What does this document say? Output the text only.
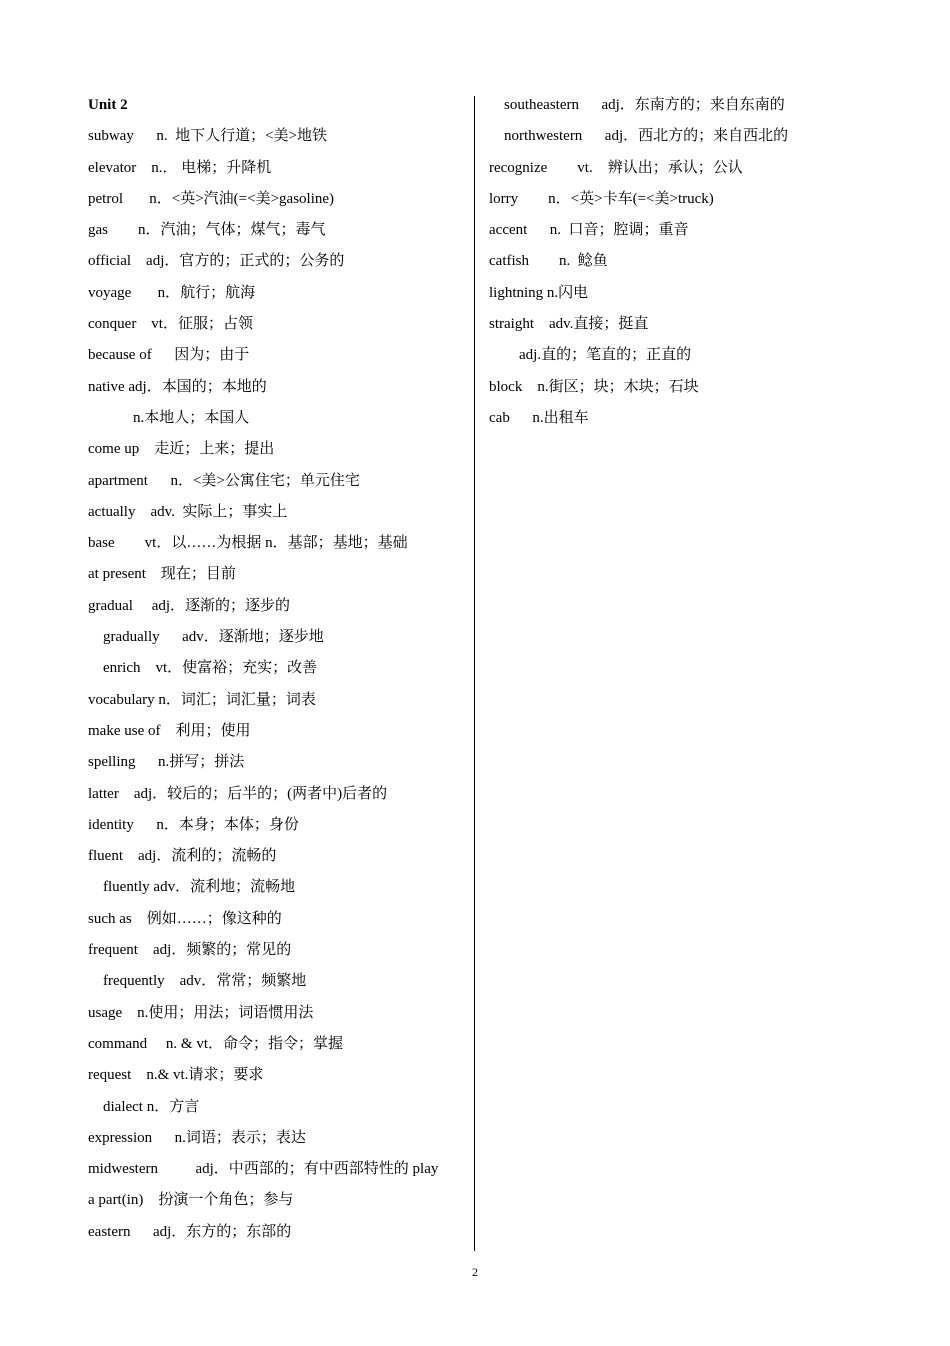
Unit 2
subway      n.  地下人行道；<美>地铁
elevator    n.． 电梯；升降机
petrol       n．<英>汽油(=<美>gasoline)
gas        n．汽油；气体；煤气；毒气
official    adj．官方的；正式的；公务的
voyage       n．航行；航海
conquer    vt．征服；占领
because of      因为；由于
native adj．本国的；本地的
n.本地人；本国人
come up    走近；上来；提出
apartment      n．<美>公寓住宅；单元住宅
actually    adv.  实际上；事实上
base        vt．以……为根据 n．基部；基地；基础
at present    现在；目前
gradual     adj．逐渐的；逐步的
gradually      adv．逐渐地；逐步地
enrich    vt．使富裕；充实；改善
vocabulary n．词汇；词汇量；词表
make use of    利用；使用
spelling      n.拼写；拼法
latter    adj．较后的；后半的；(两者中)后者的
identity      n．本身；本体；身份
fluent    adj．流利的；流畅的
fluently adv．流利地；流畅地
such as    例如……；像这种的
frequent    adj．频繁的；常见的
frequently    adv．常常；频繁地
usage    n.使用；用法；词语惯用法
command     n. & vt．命令；指令；掌握
request    n.& vt.请求；要求
dialect n．方言
expression      n.词语；表示；表达
midwestern          adj．中西部的；有中西部特性的 play
a part(in)    扮演一个角色；参与
eastern      adj．东方的；东部的
southeastern      adj．东南方的；来自东南的
northwestern      adj．西北方的；来自西北的
recognize        vt.    辨认出；承认；公认
lorry        n．<英>卡车(=<美>truck)
accent      n.  口音；腔调；重音
catfish        n.  鲶鱼
lightning n.闪电
straight    adv.直接；挺直
adj.直的；笔直的；正直的
block    n.街区；块；木块；石块
cab      n.出租车
2
